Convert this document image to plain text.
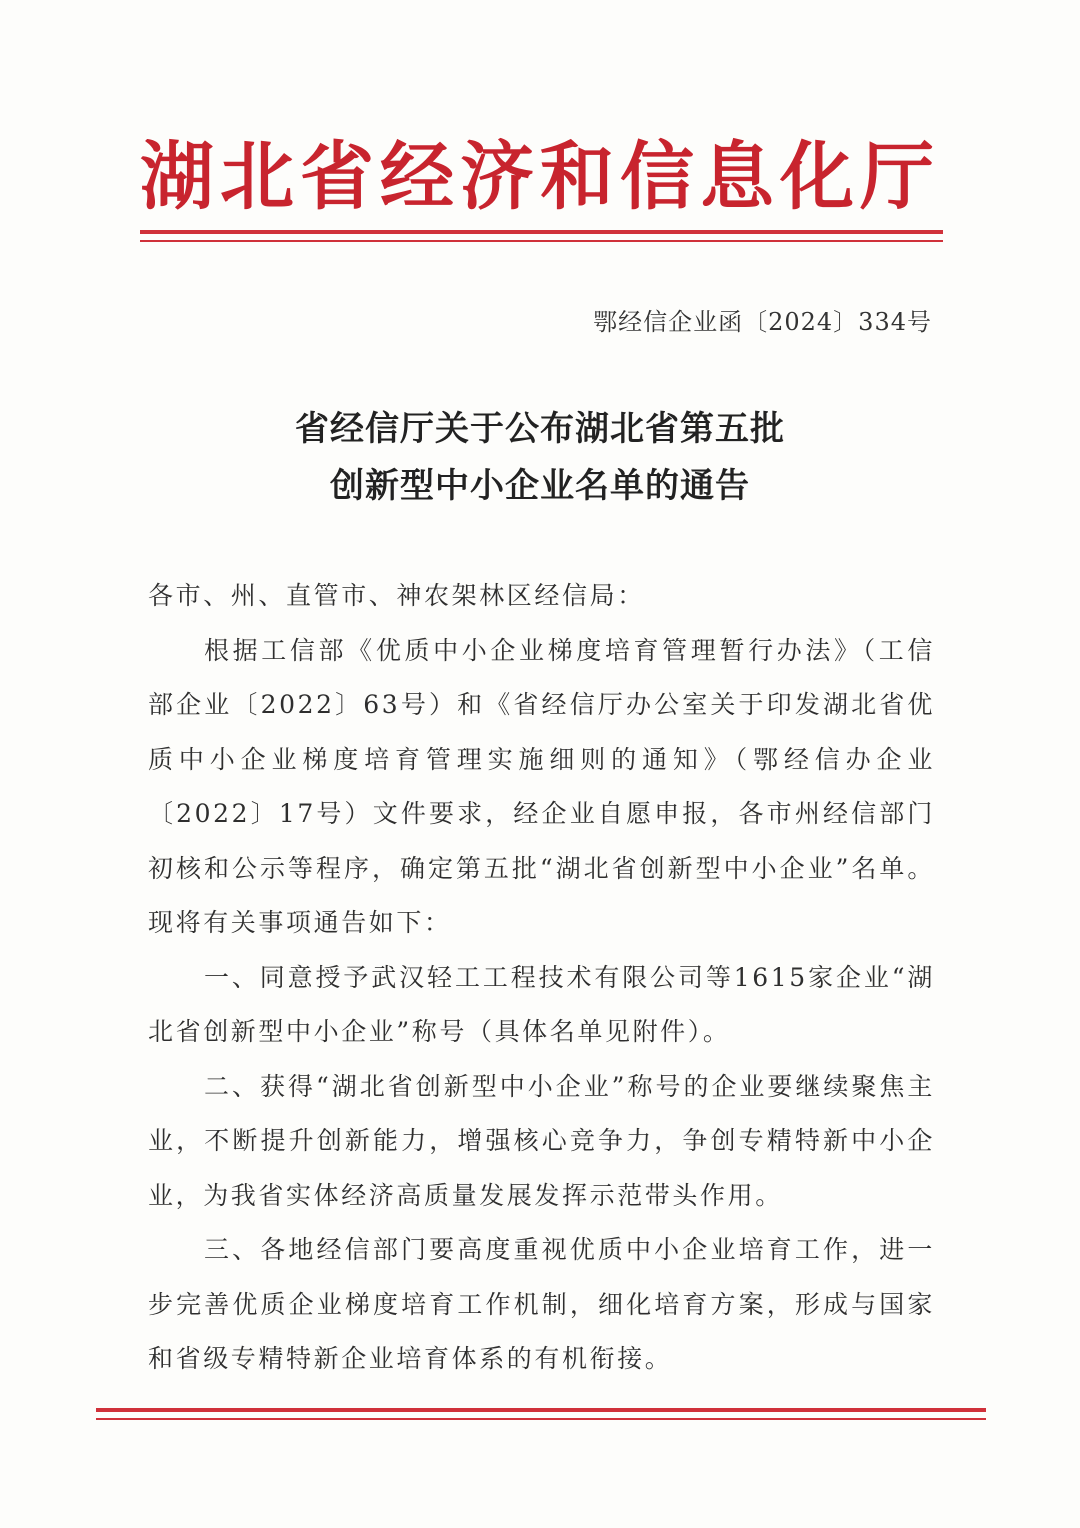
湖北省经济和信息化厅
鄂经信企业函〔2024〕334号
省经信厅关于公布湖北省第五批
创新型中小企业名单的通告

各市、州、直管市、神农架林区经信局：

根据工信部《优质中小企业梯度培育管理暂行办法》（工信部企业〔2022〕63号）和《省经信厅办公室关于印发湖北省优质中小企业梯度培育管理实施细则的通知》（鄂经信办企业〔2022〕17号）文件要求，经企业自愿申报，各市州经信部门初核和公示等程序，确定第五批“湖北省创新型中小企业”名单。现将有关事项通告如下：

一、同意授予武汉轻工工程技术有限公司等1615家企业“湖北省创新型中小企业”称号（具体名单见附件）。

二、获得“湖北省创新型中小企业”称号的企业要继续聚焦主业，不断提升创新能力，增强核心竞争力，争创专精特新中小企业，为我省实体经济高质量发展发挥示范带头作用。

三、各地经信部门要高度重视优质中小企业培育工作，进一步完善优质企业梯度培育工作机制，细化培育方案，形成与国家和省级专精特新企业培育体系的有机衔接。
